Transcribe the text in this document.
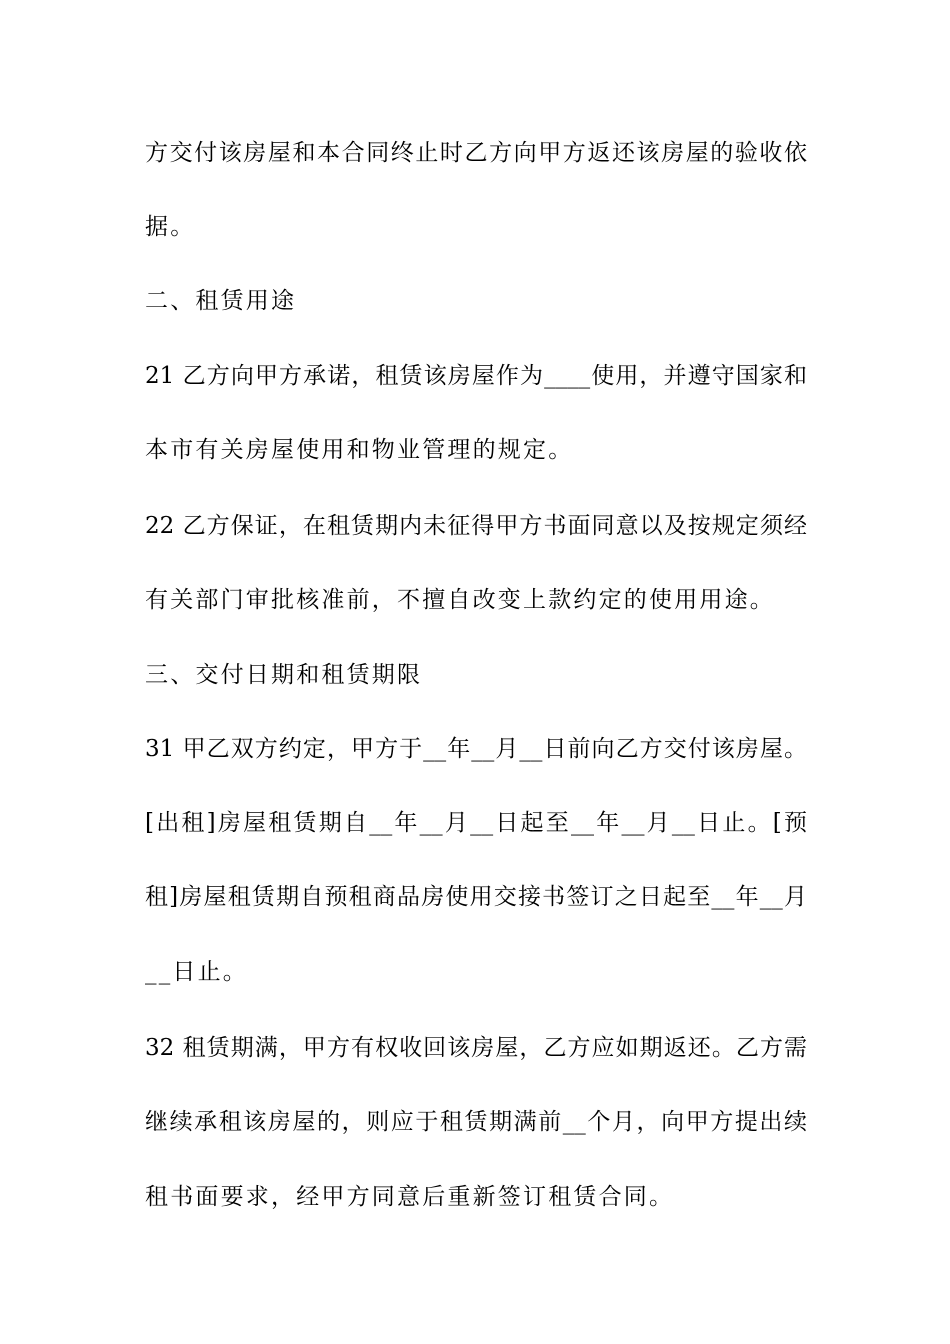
方交付该房屋和本合同终止时乙方向甲方返还该房屋的验收依
据。
二、租赁用途
21 乙方向甲方承诺，租赁该房屋作为____使用，并遵守国家和
本市有关房屋使用和物业管理的规定。
22 乙方保证，在租赁期内未征得甲方书面同意以及按规定须经
有关部门审批核准前，不擅自改变上款约定的使用用途。
三、交付日期和租赁期限
31 甲乙双方约定，甲方于__年__月__日前向乙方交付该房屋。
[出租]房屋租赁期自__年__月__日起至__年__月__日止。[预
租]房屋租赁期自预租商品房使用交接书签订之日起至__年__月
__日止。
32 租赁期满，甲方有权收回该房屋，乙方应如期返还。乙方需
继续承租该房屋的，则应于租赁期满前__个月，向甲方提出续
租书面要求，经甲方同意后重新签订租赁合同。
